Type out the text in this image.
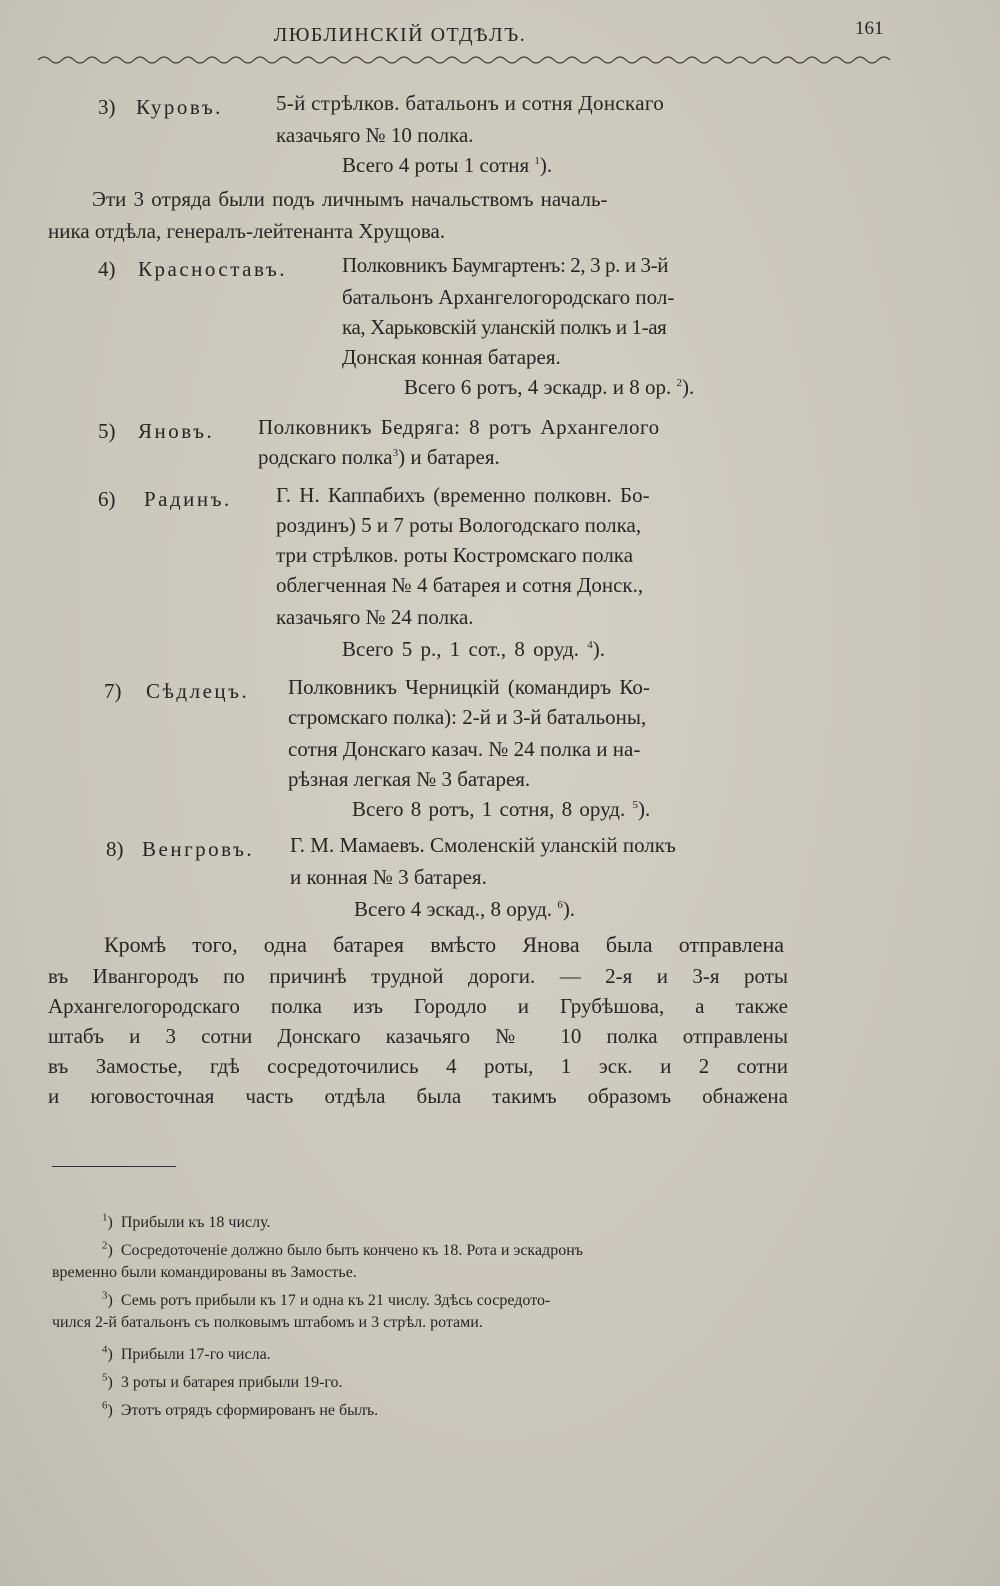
ЛЮБЛИНСКІЙ ОТДѢЛЪ.	161
3) Куровъ.	5-й стрѣлков. батальонъ и сотня Донскаго
казачьяго № 10 полка.
Всего 4 роты 1 сотня $^1$).
Эти 3 отряда были подъ личнымъ начальствомъ началь-
ника отдѣла, генералъ-лейтенанта Хрущова.
4) Красноставъ.	Полковникъ Баумгартенъ: 2, 3 р. и 3-й
батальонъ Архангелогородскаго пол-
ка, Харьковскій уланскій полкъ и 1-ая
Донская конная батарея.
Всего 6 ротъ, 4 эскадр. и 8 ор. $^2$).
5) Яновъ. Полковникъ Бедряга: 8 ротъ Архангелого
родскаго полка$^3$) и батарея.
6) Радинъ. Г. Н. Каппабихъ (временно полковн. Бо-
роздинъ) 5 и 7 роты Вологодскаго полка,
три стрѣлков. роты Костромскаго полка
облегченная № 4 батарея и сотня Донск.,
казачьяго № 24 полка.
Всего 5 р., 1 сот., 8 оруд. $^4$).
7) Сѣдлецъ. Полковникъ Черницкій (командиръ Ко-
стромскаго полка): 2-й и 3-й батальоны,
сотня Донскаго казач. № 24 полка и на-
рѣзная легкая № 3 батарея.
Всего 8 ротъ, 1 сотня, 8 оруд. $^5$).
8) Венгровъ. Г. М. Мамаевъ. Смоленскій уланскій полкъ
и конная № 3 батарея.
Всего 4 эскад., 8 оруд. $^6$).
Кромѣ того, одна батарея вмѣсто Янова была отправлена
въ Ивангородъ по причинѣ трудной дороги. — 2-я и 3-я роты
Архангелогородскаго полка изъ Городло и Грубѣшова, а также
штабъ и 3 сотни Донскаго казачьяго № 10 полка отправлены
въ Замостье, гдѣ сосредоточились 4 роты, 1 эск. и 2 сотни
и юговосточная часть отдѣла была такимъ образомъ обнажена
$^1$)  Прибыли къ 18 числу.
$^2$)  Сосредоточеніе должно было быть кончено къ 18. Рота и эскадронъ
временно были командированы въ Замостье.
$^3$)  Семь ротъ прибыли къ 17 и одна къ 21 числу. Здѣсь сосредото-
чился 2-й батальонъ съ полковымъ штабомъ и 3 стрѣл. ротами.
$^4$)  Прибыли 17-го числа.
$^5$)  3 роты и батарея прибыли 19-го.
$^6$)  Этотъ отрядъ сформированъ не былъ.
